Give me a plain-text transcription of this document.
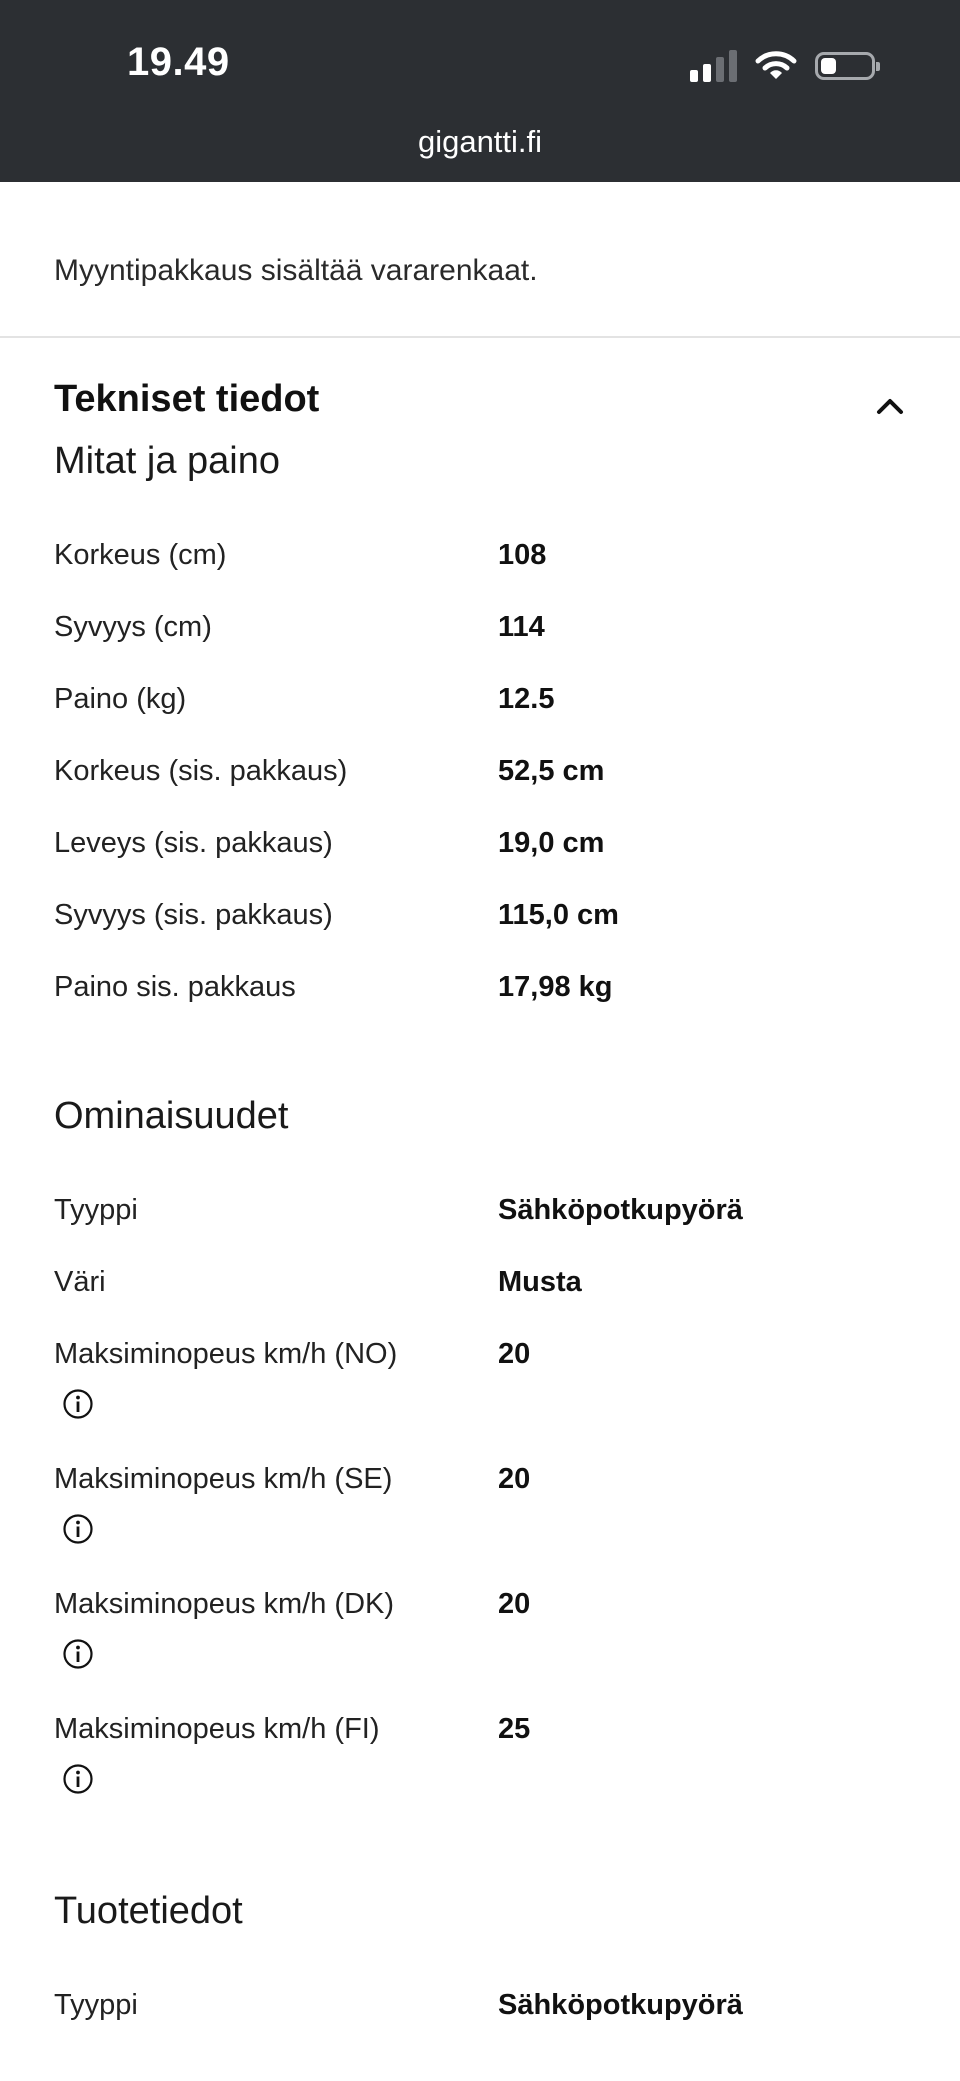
19.49
gigantti.fi
Myyntipakkaus sisältää vararenkaat.
Tekniset tiedot
Mitat ja paino
Korkeus (cm)	108
Syvyys (cm)	114
Paino (kg)	12.5
Korkeus (sis. pakkaus)	52,5 cm
Leveys (sis. pakkaus)	19,0 cm
Syvyys (sis. pakkaus)	115,0 cm
Paino sis. pakkaus	17,98 kg
Ominaisuudet
Tyyppi	Sähköpotkupyörä
Väri	Musta
Maksiminopeus km/h (NO)	20
Maksiminopeus km/h (SE)	20
Maksiminopeus km/h (DK)	20
Maksiminopeus km/h (FI)	25
Tuotetiedot
Tyyppi	Sähköpotkupyörä
